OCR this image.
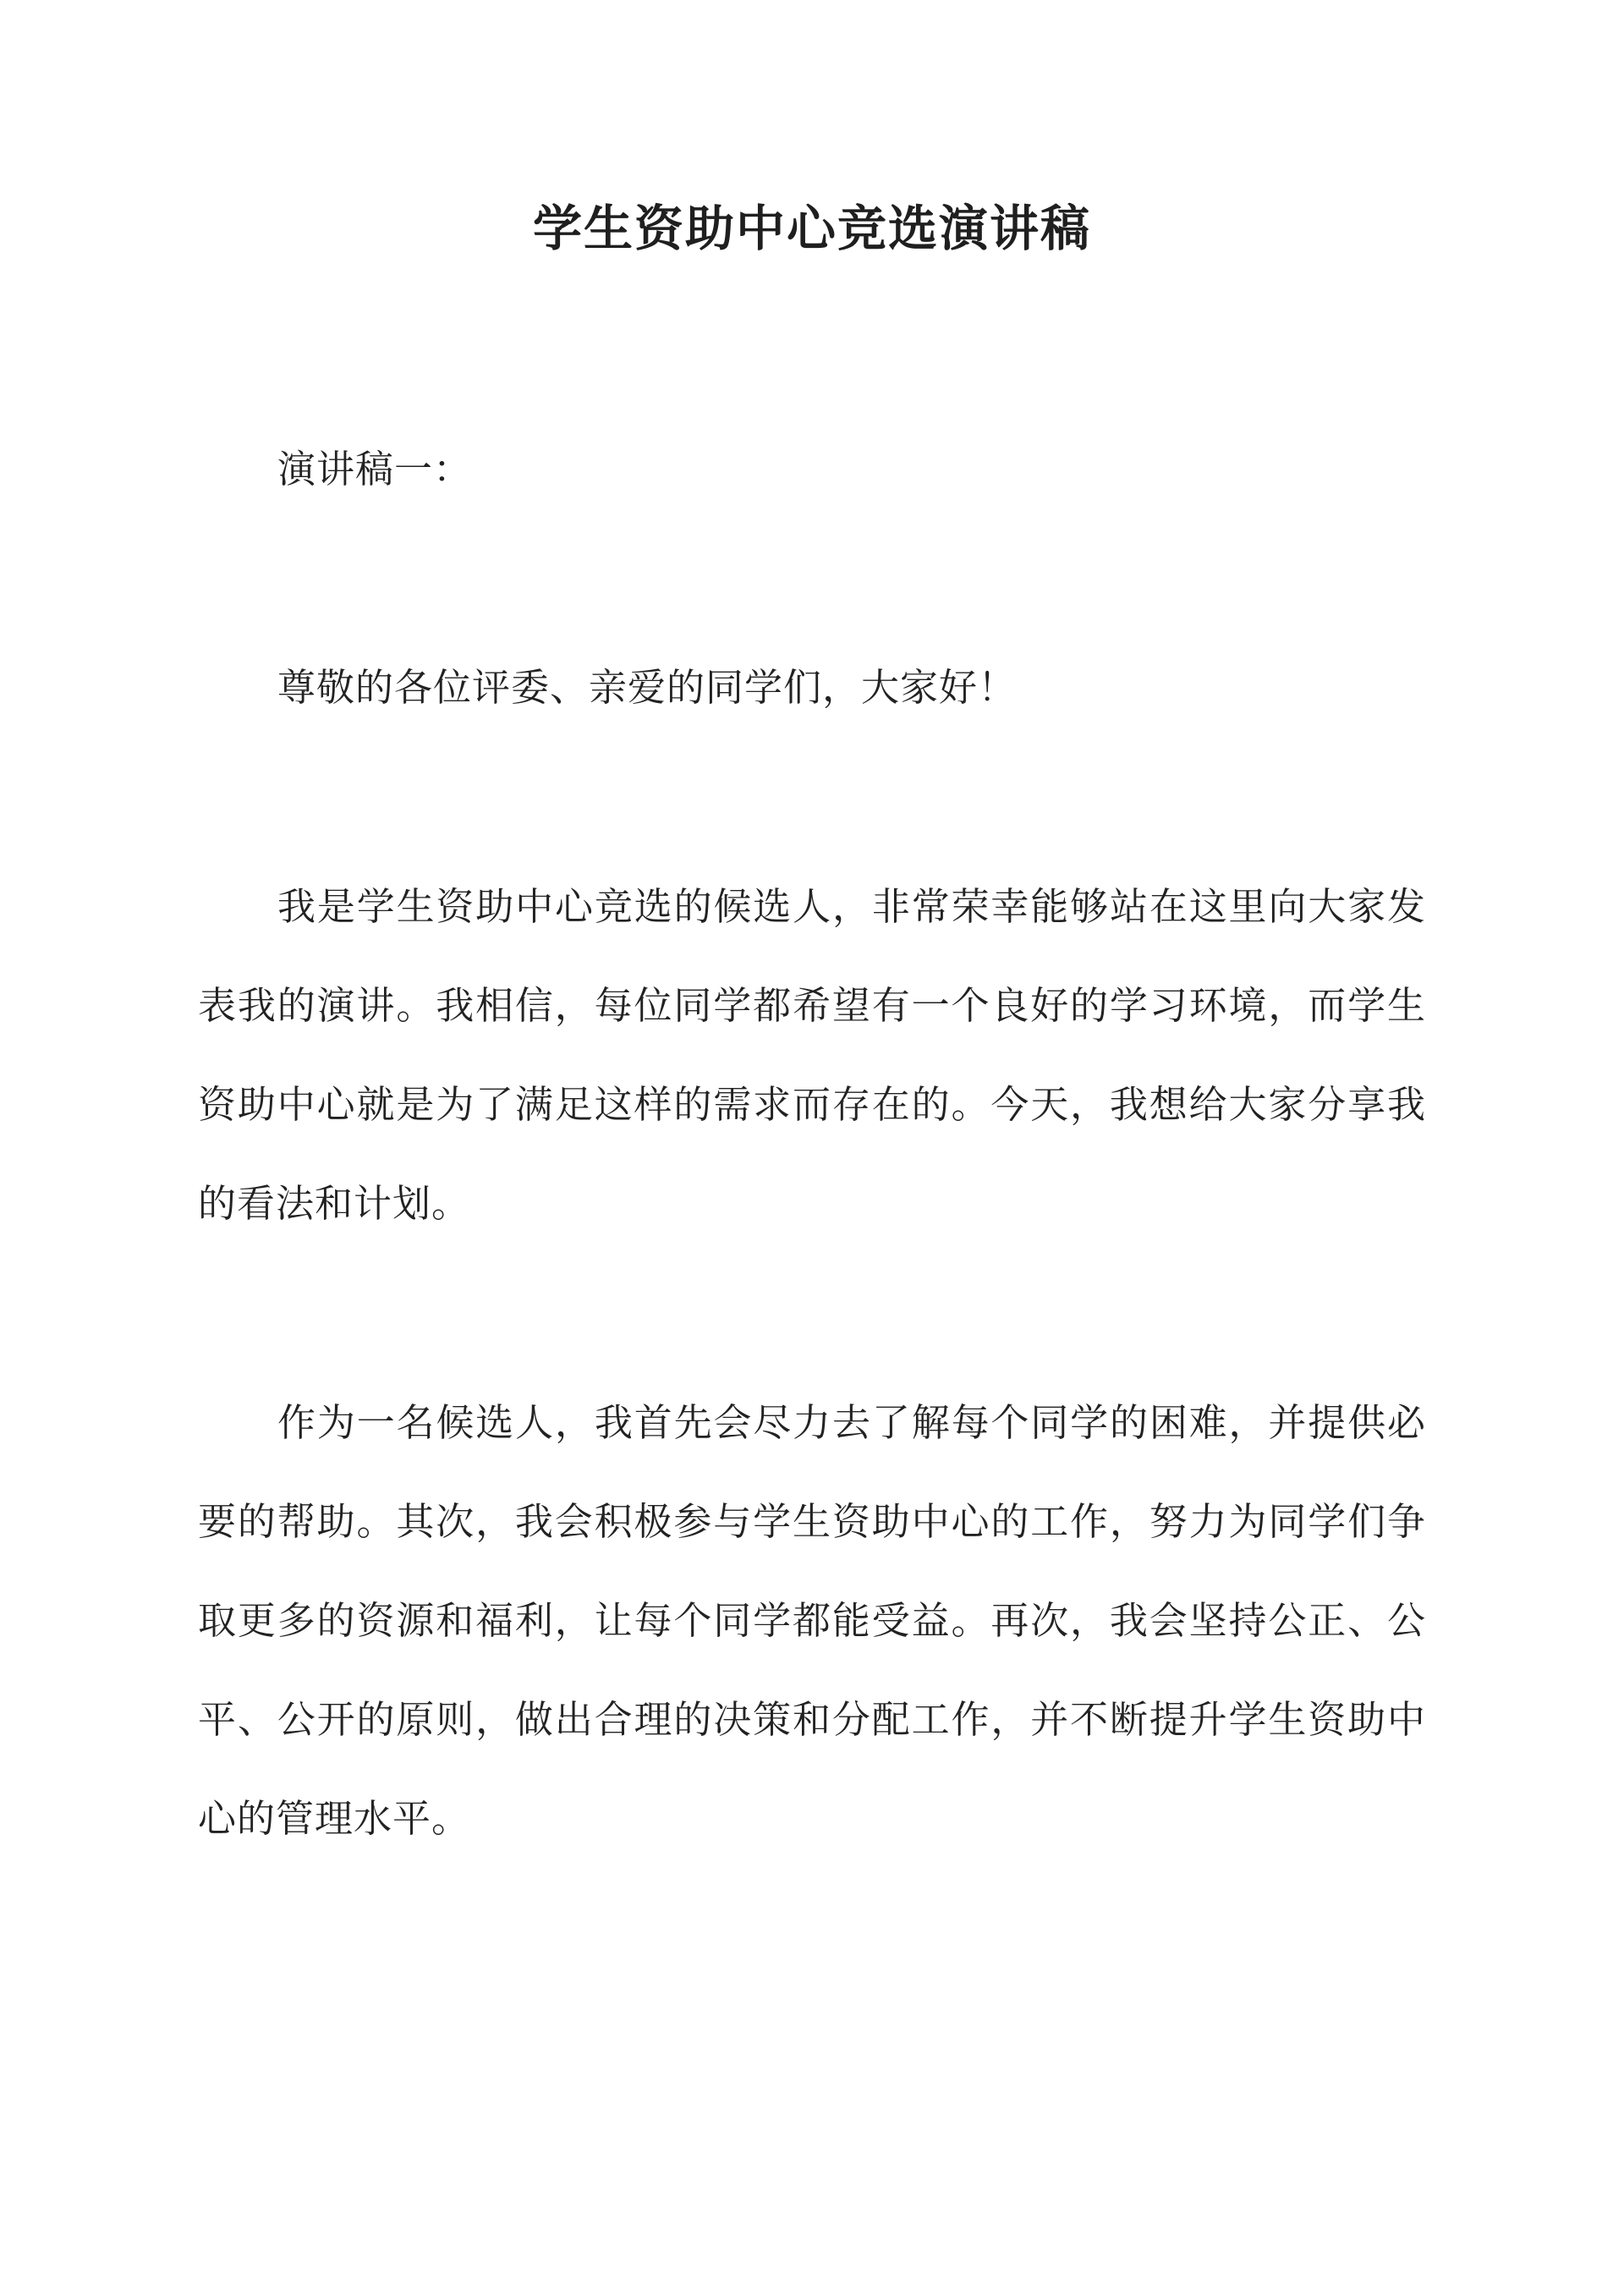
学生资助中心竞选演讲稿

演讲稿一：

尊敬的各位评委、亲爱的同学们，大家好！

我是学生资助中心竞选的候选人，非常荣幸能够站在这里向大家发表我的演讲。我相信，每位同学都希望有一个良好的学习环境，而学生资助中心就是为了满足这样的需求而存在的。今天，我想给大家分享我的看法和计划。

作为一名候选人，我首先会尽力去了解每个同学的困难，并提供必要的帮助。其次，我会积极参与学生资助中心的工作，努力为同学们争取更多的资源和福利，让每个同学都能受益。再次，我会坚持公正、公平、公开的原则，做出合理的决策和分配工作，并不断提升学生资助中心的管理水平。
